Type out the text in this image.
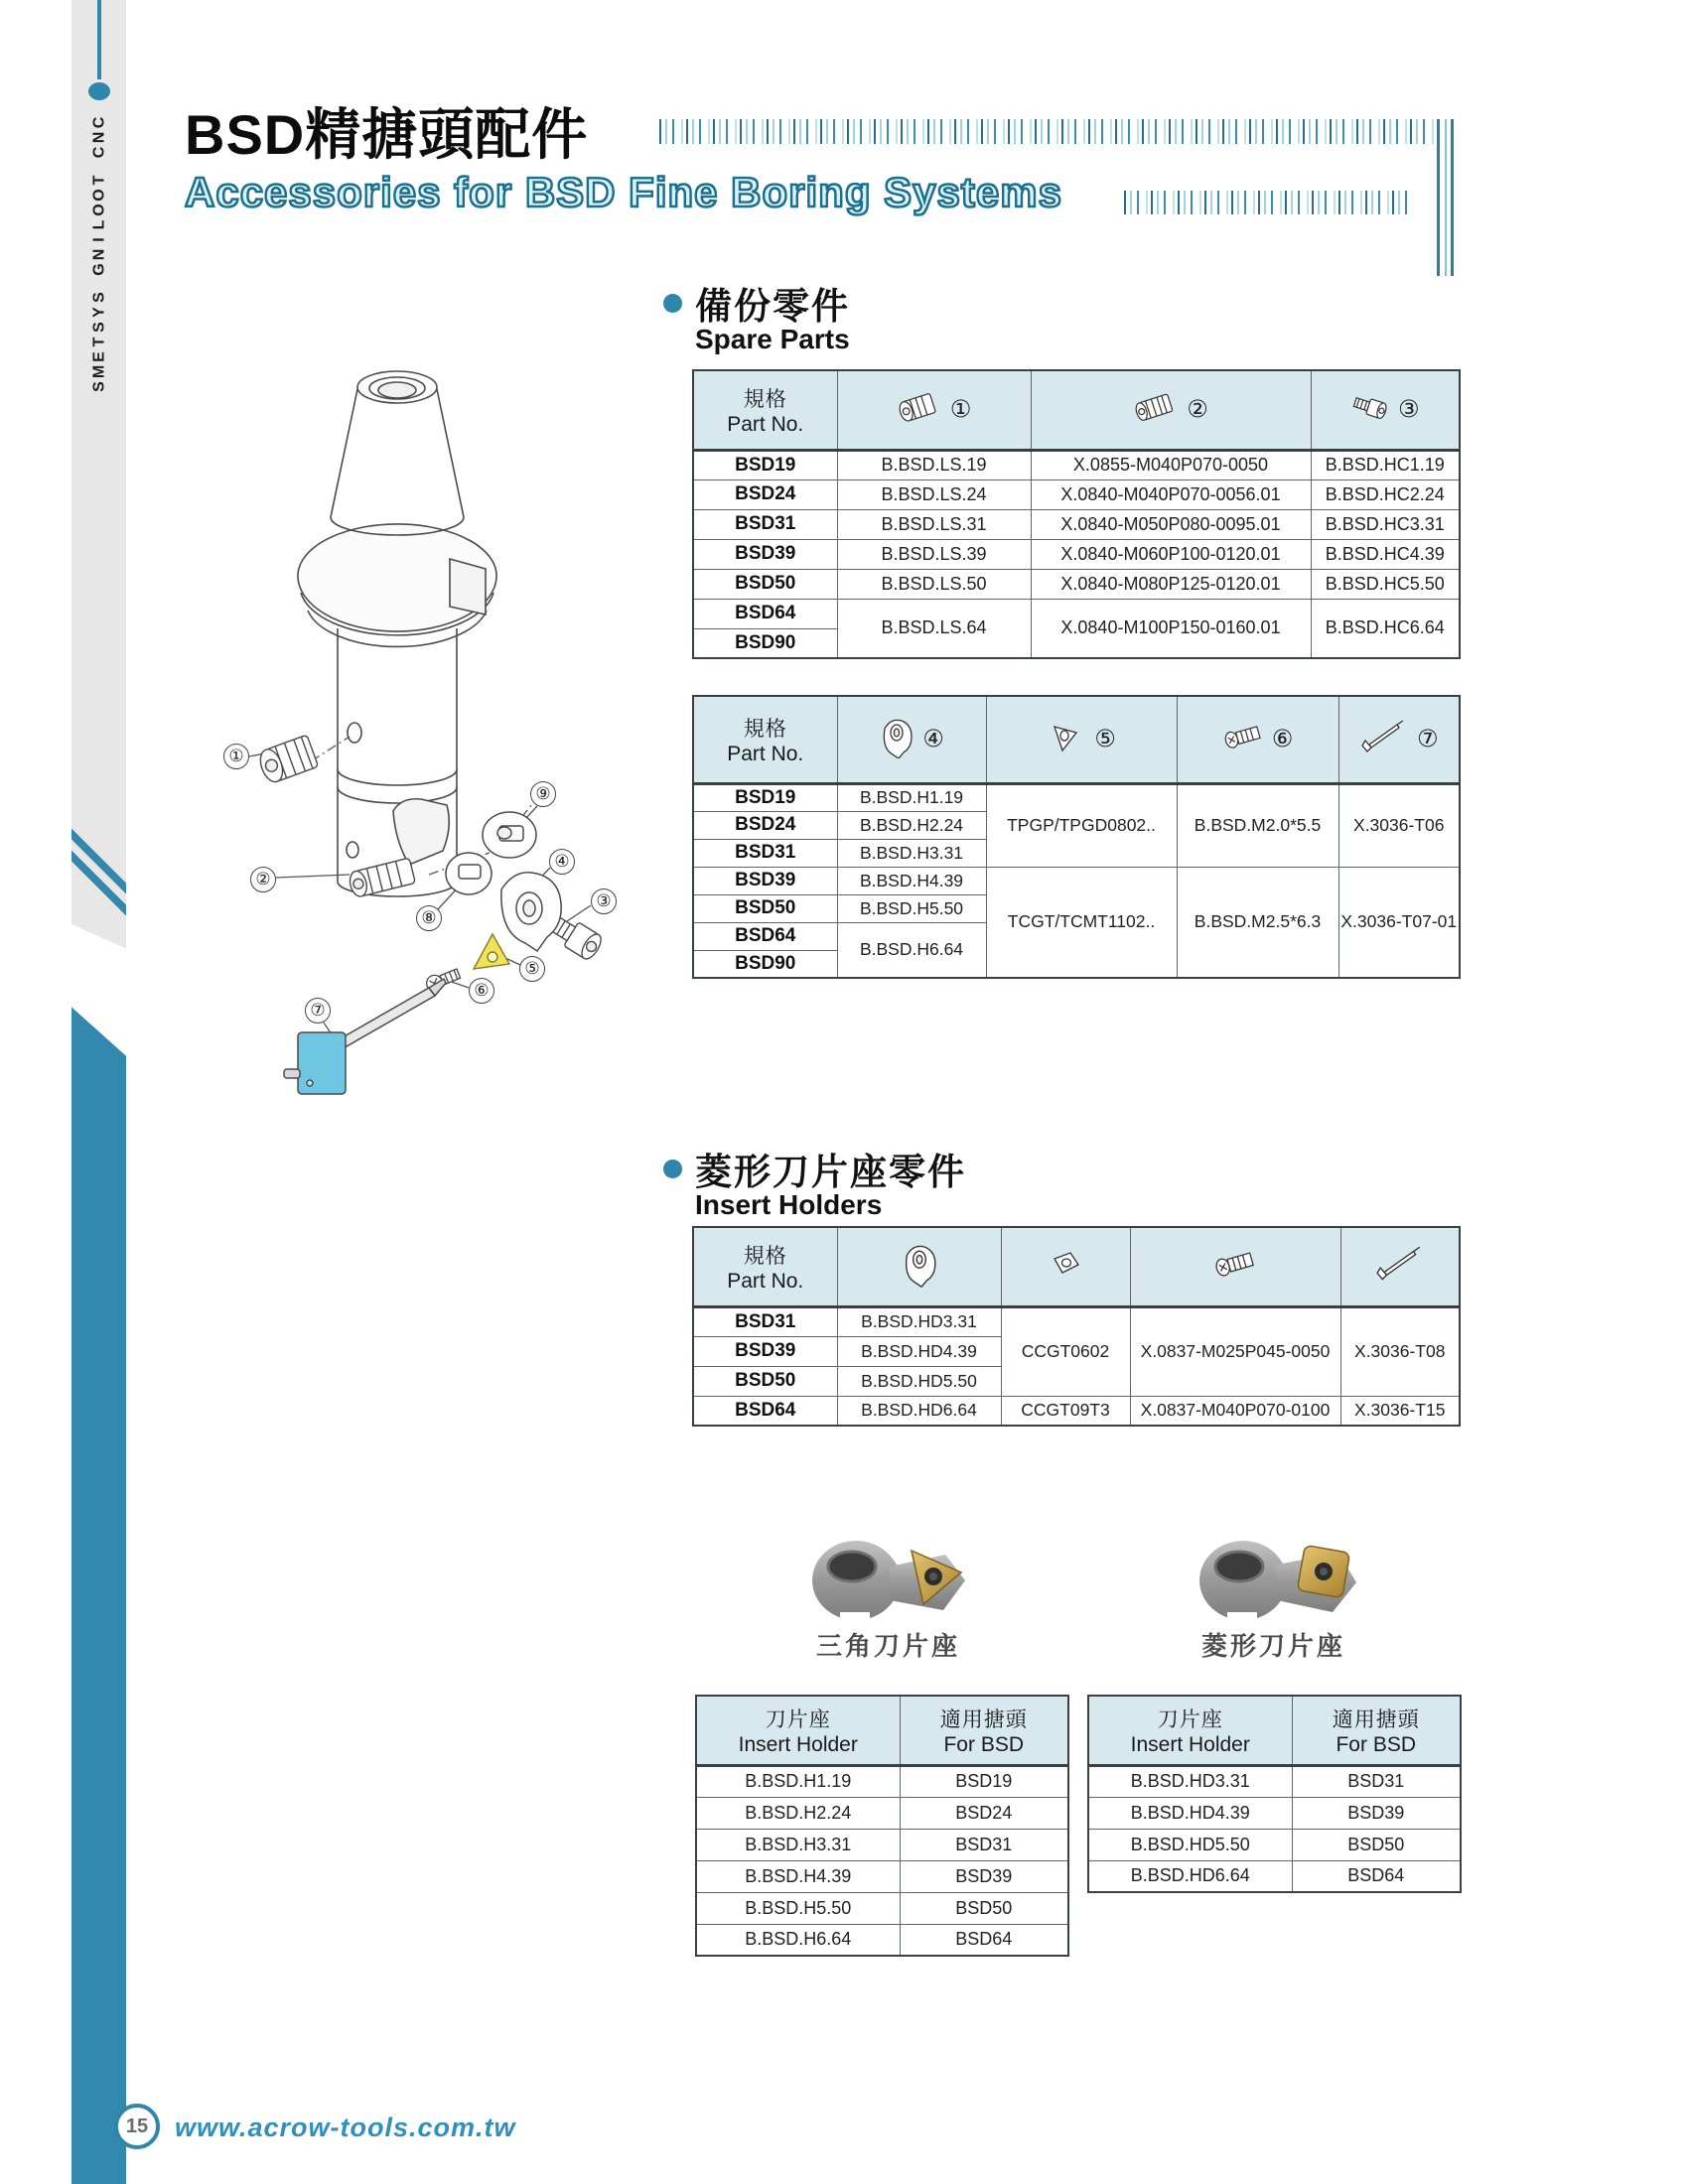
C
N
C
T
O
O
L
I
N
G
S
Y
S
T
E
M
S
BSD精搪頭配件
Accessories for BSD Fine Boring Systems
①
②
③
④
⑤
⑥
⑦
⑧
⑨
備份零件
Spare Parts
規格
Part No.	①	②	③

BSD19	B.BSD.LS.19	X.0855-M040P070-0050	B.BSD.HC1.19
BSD24	B.BSD.LS.24	X.0840-M040P070-0056.01	B.BSD.HC2.24
BSD31	B.BSD.LS.31	X.0840-M050P080-0095.01	B.BSD.HC3.31
BSD39	B.BSD.LS.39	X.0840-M060P100-0120.01	B.BSD.HC4.39
BSD50	B.BSD.LS.50	X.0840-M080P125-0120.01	B.BSD.HC5.50
BSD64	B.BSD.LS.64	X.0840-M100P150-0160.01	B.BSD.HC6.64
BSD90			
規格
Part No.	④	⑤	⑥	⑦

BSD19	B.BSD.H1.19	TPGP/TPGD0802..	B.BSD.M2.0*5.5	X.3036-T06
BSD24	B.BSD.H2.24			
BSD31	B.BSD.H3.31			
BSD39	B.BSD.H4.39	TCGT/TCMT1102..	B.BSD.M2.5*6.3	X.3036-T07-01
BSD50	B.BSD.H5.50			
BSD64	B.BSD.H6.64			
BSD90				
菱形刀片座零件
Insert Holders
規格
Part No.

BSD31	B.BSD.HD3.31	CCGT0602	X.0837-M025P045-0050	X.3036-T08
BSD39	B.BSD.HD4.39			
BSD50	B.BSD.HD5.50			
BSD64	B.BSD.HD6.64	CCGT09T3	X.0837-M040P070-0100	X.3036-T15
三角刀片座	菱形刀片座
刀片座
Insert Holder

適用搪頭
For BSD

B.BSD.H1.19	BSD19
B.BSD.H2.24	BSD24
B.BSD.H3.31	BSD31
B.BSD.H4.39	BSD39
B.BSD.H5.50	BSD50
B.BSD.H6.64	BSD64
刀片座
Insert Holder

適用搪頭
For BSD

B.BSD.HD3.31	BSD31
B.BSD.HD4.39	BSD39
B.BSD.HD5.50	BSD50
B.BSD.HD6.64	BSD64
15 www.acrow-tools.com.tw
